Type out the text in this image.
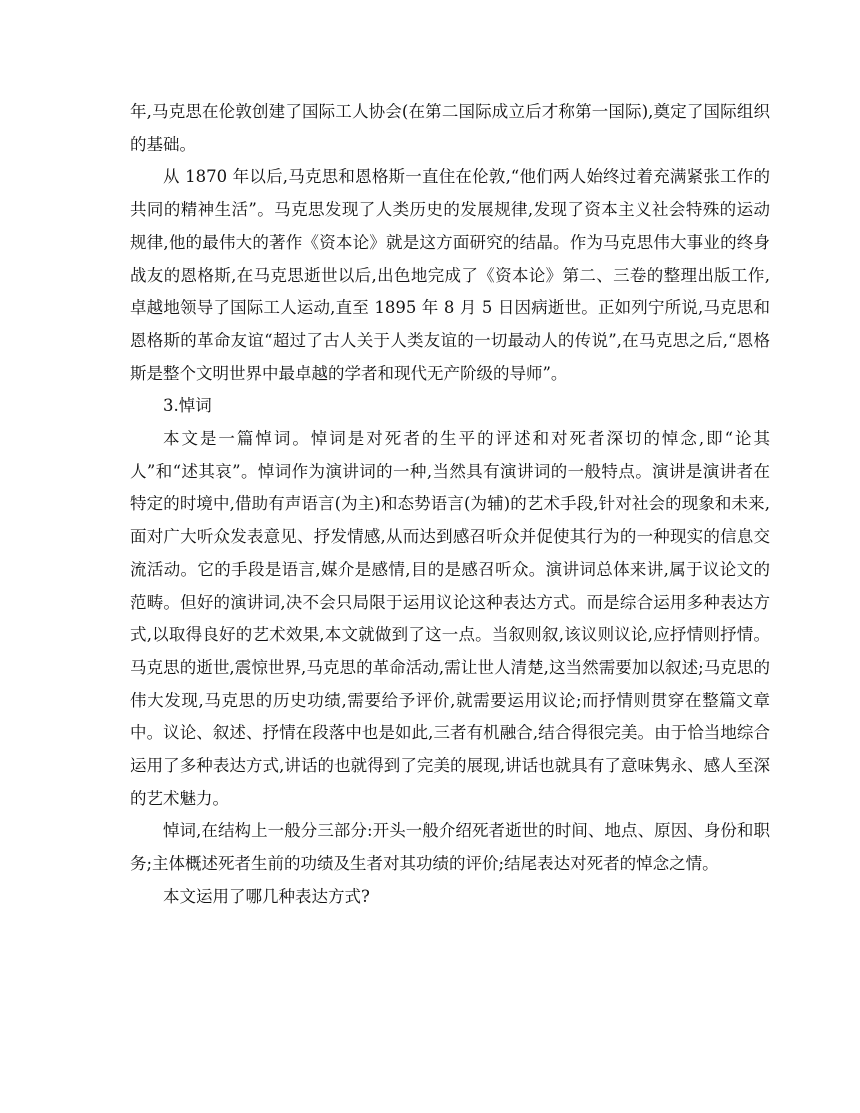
年,马克思在伦敦创建了国际工人协会(在第二国际成立后才称第一国际),奠定了国际组织的基础。

从 1870 年以后,马克思和恩格斯一直住在伦敦,“他们两人始终过着充满紧张工作的共同的精神生活”。马克思发现了人类历史的发展规律,发现了资本主义社会特殊的运动规律,他的最伟大的著作《资本论》就是这方面研究的结晶。作为马克思伟大事业的终身战友的恩格斯,在马克思逝世以后,出色地完成了《资本论》第二、三卷的整理出版工作,卓越地领导了国际工人运动,直至 1895 年 8 月 5 日因病逝世。正如列宁所说,马克思和恩格斯的革命友谊“超过了古人关于人类友谊的一切最动人的传说”,在马克思之后,“恩格斯是整个文明世界中最卓越的学者和现代无产阶级的导师”。

3.悼词

本文是一篇悼词。悼词是对死者的生平的评述和对死者深切的悼念,即“论其人”和“述其哀”。悼词作为演讲词的一种,当然具有演讲词的一般特点。演讲是演讲者在特定的时境中,借助有声语言(为主)和态势语言(为辅)的艺术手段,针对社会的现象和未来,面对广大听众发表意见、抒发情感,从而达到感召听众并促使其行为的一种现实的信息交流活动。它的手段是语言,媒介是感情,目的是感召听众。演讲词总体来讲,属于议论文的范畴。但好的演讲词,决不会只局限于运用议论这种表达方式。而是综合运用多种表达方式,以取得良好的艺术效果,本文就做到了这一点。当叙则叙,该议则议论,应抒情则抒情。马克思的逝世,震惊世界,马克思的革命活动,需让世人清楚,这当然需要加以叙述;马克思的伟大发现,马克思的历史功绩,需要给予评价,就需要运用议论;而抒情则贯穿在整篇文章中。议论、叙述、抒情在段落中也是如此,三者有机融合,结合得很完美。由于恰当地综合运用了多种表达方式,讲话的也就得到了完美的展现,讲话也就具有了意味隽永、感人至深的艺术魅力。

悼词,在结构上一般分三部分:开头一般介绍死者逝世的时间、地点、原因、身份和职务;主体概述死者生前的功绩及生者对其功绩的评价;结尾表达对死者的悼念之情。

本文运用了哪几种表达方式?
